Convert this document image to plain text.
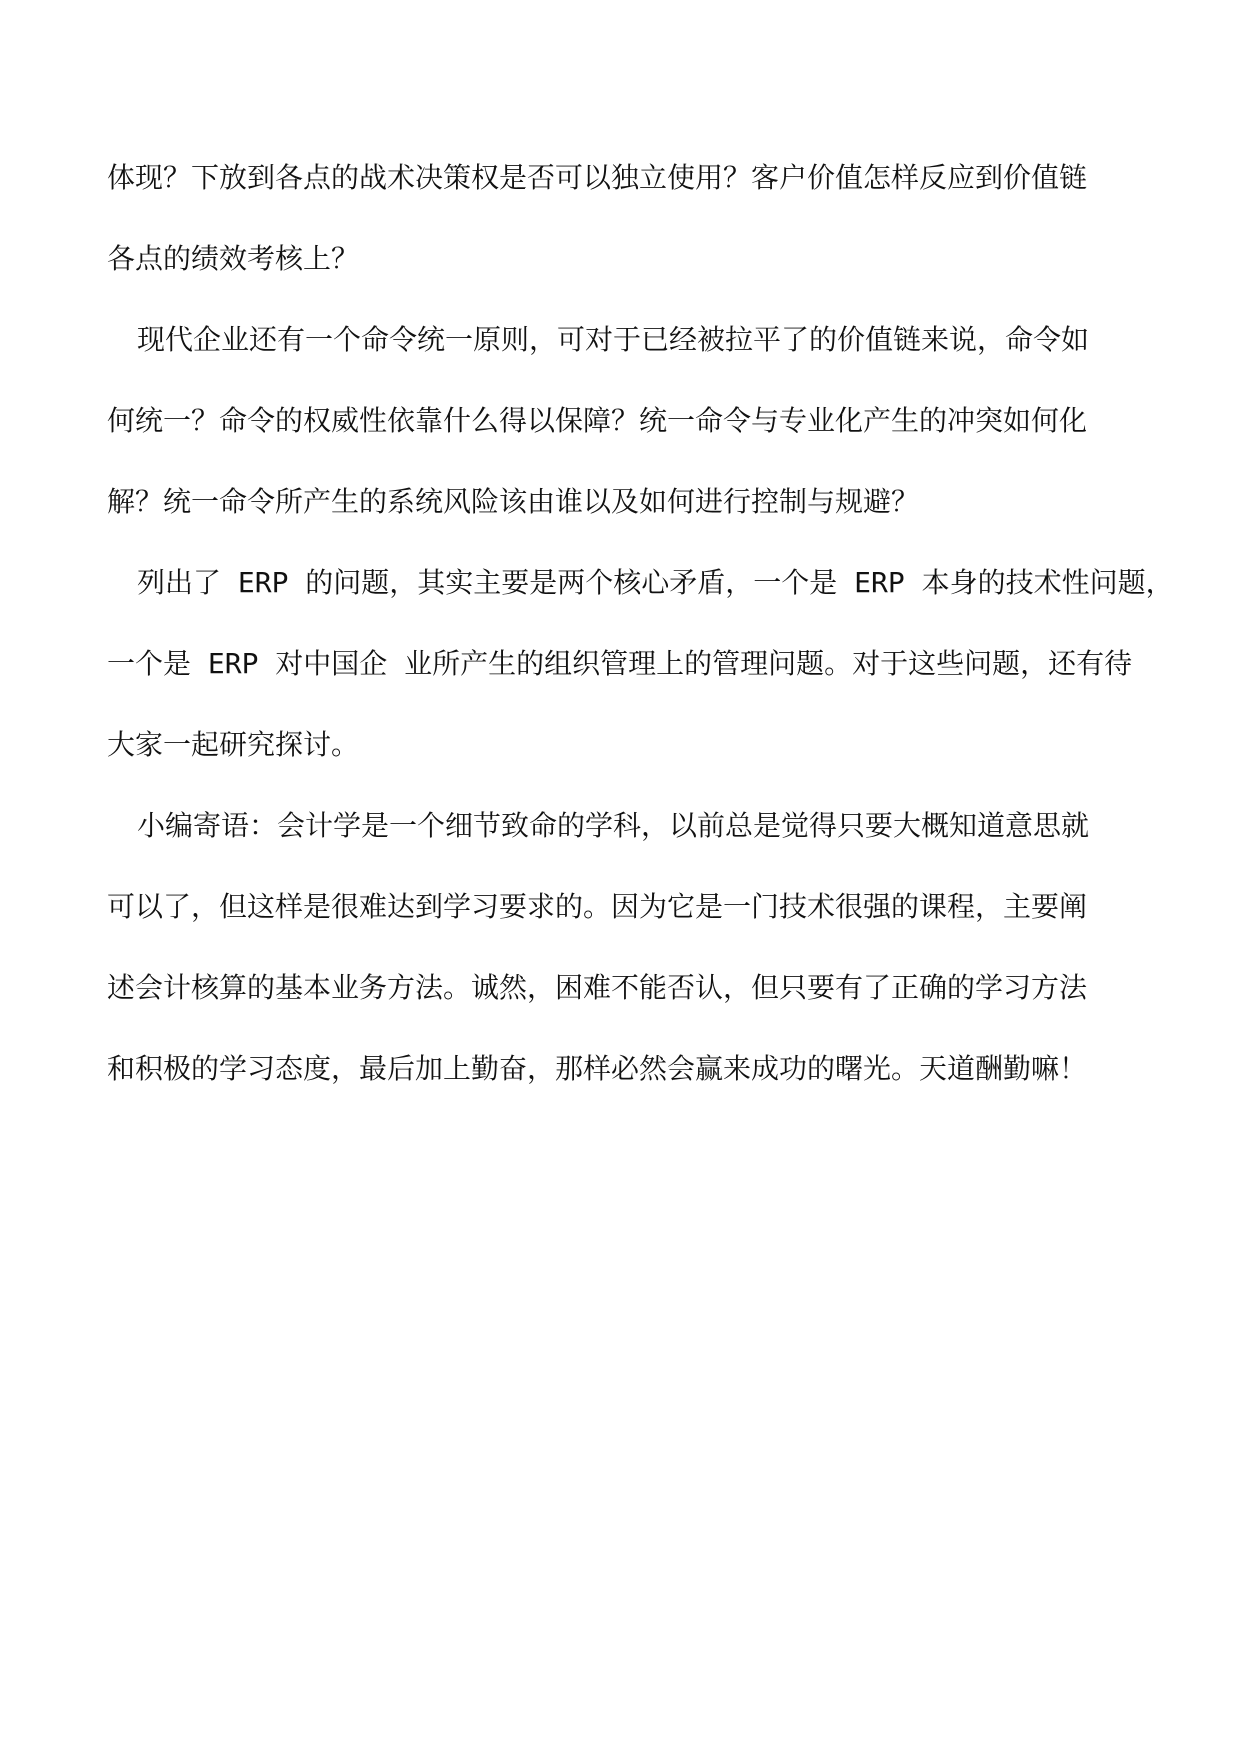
体现？下放到各点的战术决策权是否可以独立使用？客户价值怎样反应到价值链
各点的绩效考核上？
现代企业还有一个命令统一原则，可对于已经被拉平了的价值链来说，命令如
何统一？命令的权威性依靠什么得以保障？统一命令与专业化产生的冲突如何化
解？统一命令所产生的系统风险该由谁以及如何进行控制与规避？
列出了 ERP 的问题，其实主要是两个核心矛盾，一个是 ERP 本身的技术性问题，
一个是 ERP 对中国企 业所产生的组织管理上的管理问题。对于这些问题，还有待
大家一起研究探讨。
小编寄语：会计学是一个细节致命的学科，以前总是觉得只要大概知道意思就
可以了，但这样是很难达到学习要求的。因为它是一门技术很强的课程，主要阐
述会计核算的基本业务方法。诚然，困难不能否认，但只要有了正确的学习方法
和积极的学习态度，最后加上勤奋，那样必然会赢来成功的曙光。天道酬勤嘛！
